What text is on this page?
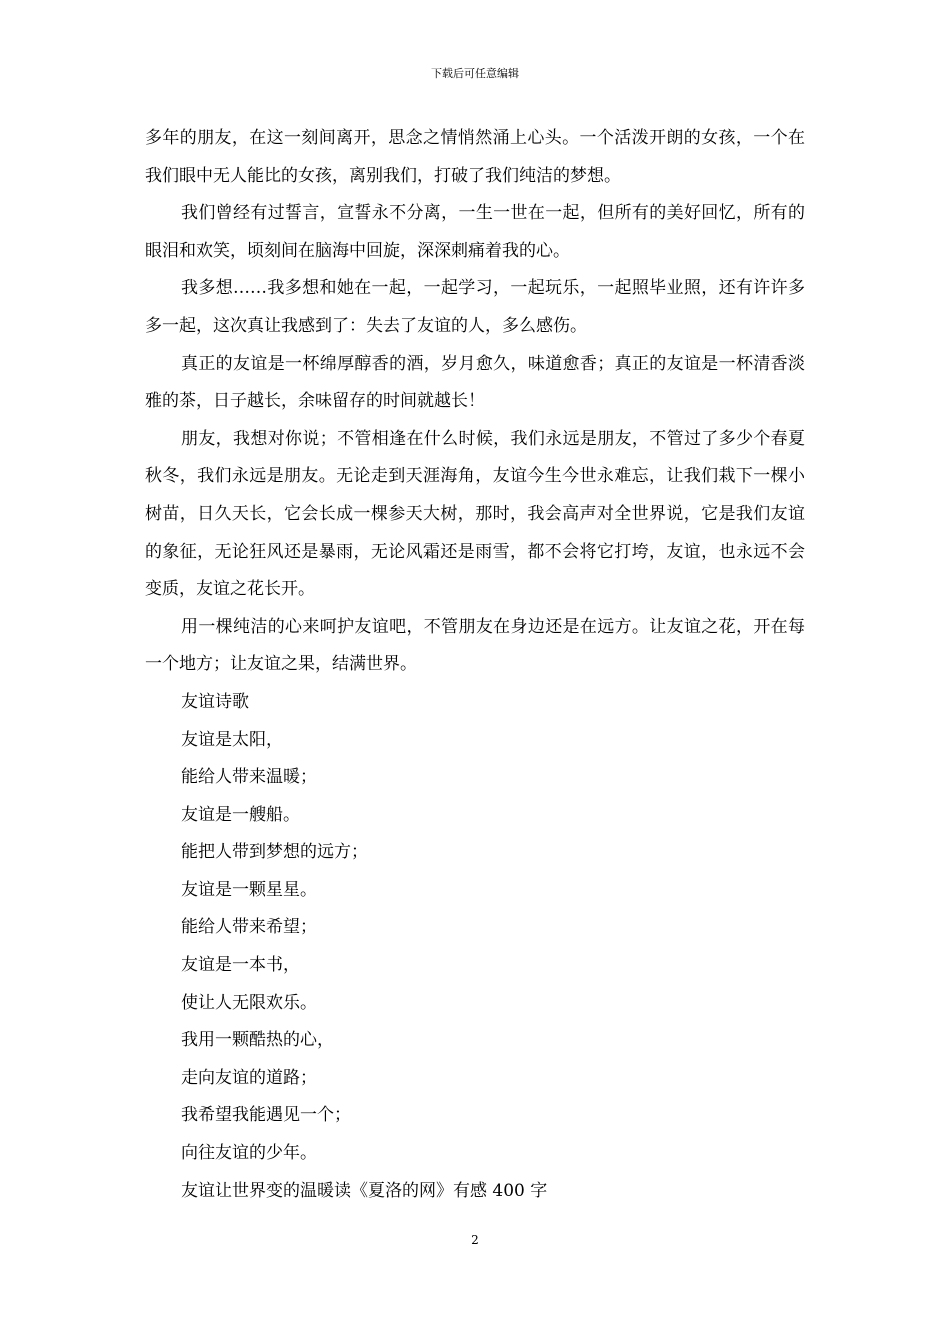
下载后可任意编辑

多年的朋友，在这一刻间离开，思念之情悄然涌上心头。一个活泼开朗的女孩，一个在我们眼中无人能比的女孩，离别我们，打破了我们纯洁的梦想。

我们曾经有过誓言，宣誓永不分离，一生一世在一起，但所有的美好回忆，所有的眼泪和欢笑，顷刻间在脑海中回旋，深深刺痛着我的心。

我多想……我多想和她在一起，一起学习，一起玩乐，一起照毕业照，还有许许多多一起，这次真让我感到了：失去了友谊的人，多么感伤。

真正的友谊是一杯绵厚醇香的酒，岁月愈久，味道愈香；真正的友谊是一杯清香淡雅的茶，日子越长，余味留存的时间就越长！

朋友，我想对你说；不管相逢在什么时候，我们永远是朋友，不管过了多少个春夏秋冬，我们永远是朋友。无论走到天涯海角，友谊今生今世永难忘，让我们栽下一棵小树苗，日久天长，它会长成一棵参天大树，那时，我会高声对全世界说，它是我们友谊的象征，无论狂风还是暴雨，无论风霜还是雨雪，都不会将它打垮，友谊，也永远不会变质，友谊之花长开。

用一棵纯洁的心来呵护友谊吧，不管朋友在身边还是在远方。让友谊之花，开在每一个地方；让友谊之果，结满世界。

友谊诗歌

友谊是太阳，

能给人带来温暖；

友谊是一艘船。

能把人带到梦想的远方；

友谊是一颗星星。

能给人带来希望；

友谊是一本书，

使让人无限欢乐。

我用一颗酷热的心，

走向友谊的道路；

我希望我能遇见一个；

向往友谊的少年。

友谊让世界变的温暖读《夏洛的网》有感 400 字

2
